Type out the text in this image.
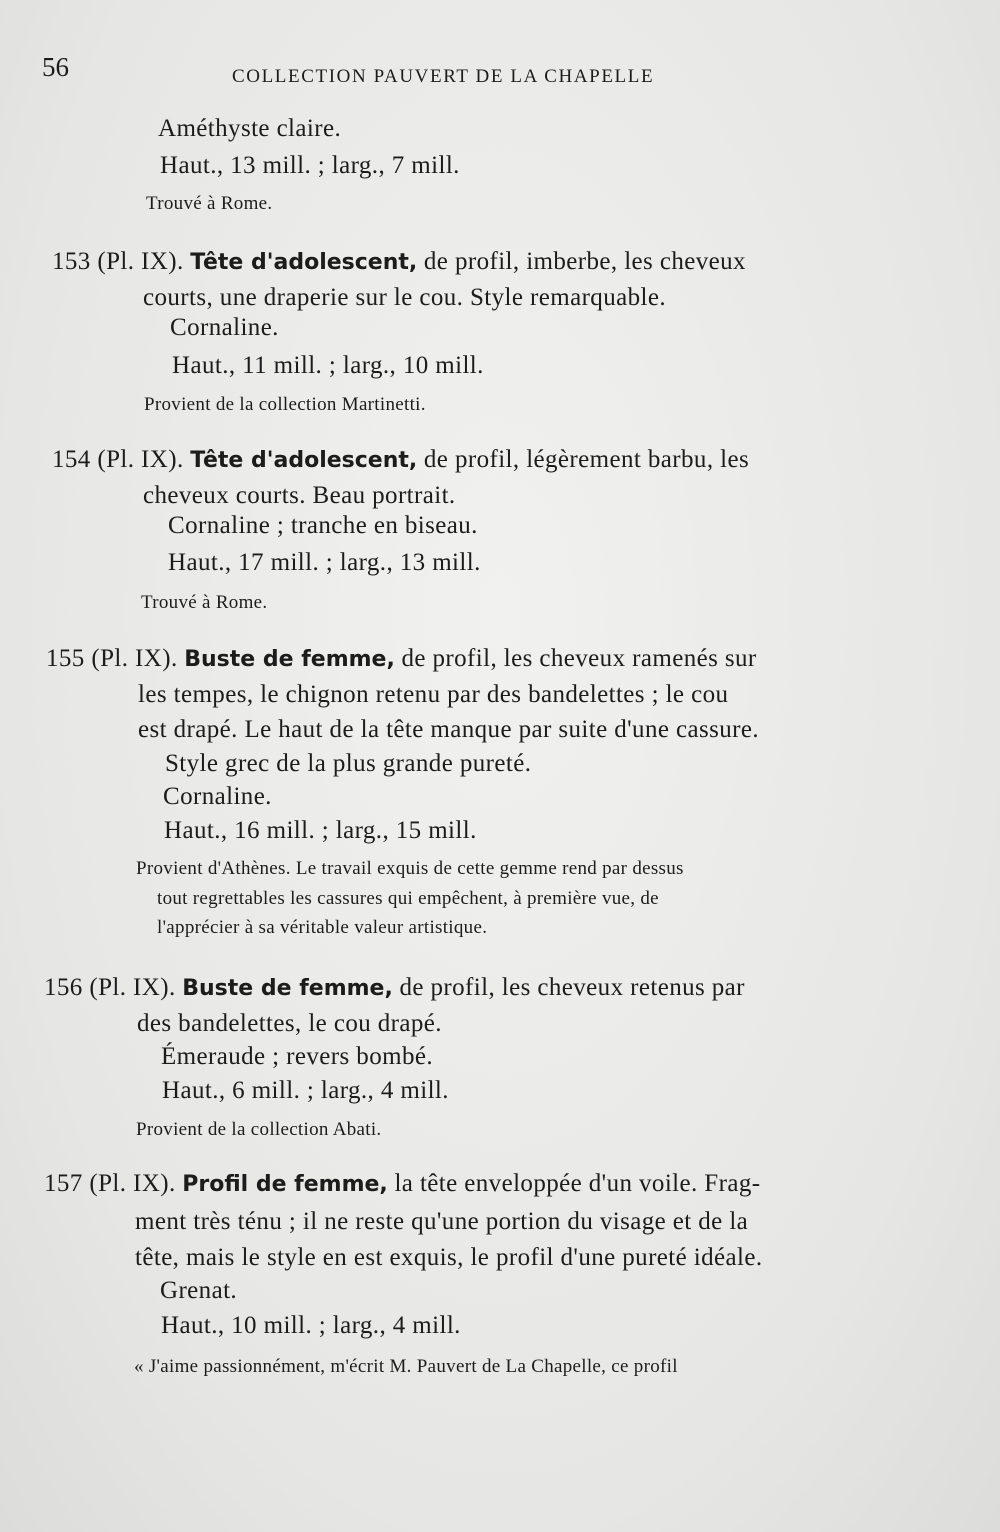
56	COLLECTION PAUVERT DE LA CHAPELLE
Améthyste claire.
Haut., 13 mill. ; larg., 7 mill.
Trouvé à Rome.
153 (Pl. IX). Tête d'adolescent, de profil, imberbe, les cheveux
courts, une draperie sur le cou. Style remarquable.
Cornaline.
Haut., 11 mill. ; larg., 10 mill.
Provient de la collection Martinetti.
154 (Pl. IX). Tête d'adolescent, de profil, légèrement barbu, les
cheveux courts. Beau portrait.
Cornaline ; tranche en biseau.
Haut., 17 mill. ; larg., 13 mill.
Trouvé à Rome.
155 (Pl. IX). Buste de femme, de profil, les cheveux ramenés sur
les tempes, le chignon retenu par des bandelettes ; le cou
est drapé. Le haut de la tête manque par suite d'une cassure.
Style grec de la plus grande pureté.
Cornaline.
Haut., 16 mill. ; larg., 15 mill.
Provient d'Athènes. Le travail exquis de cette gemme rend par dessus
tout regrettables les cassures qui empêchent, à première vue, de
l'apprécier à sa véritable valeur artistique.
156 (Pl. IX). Buste de femme, de profil, les cheveux retenus par
des bandelettes, le cou drapé.
Émeraude ; revers bombé.
Haut., 6 mill. ; larg., 4 mill.
Provient de la collection Abati.
157 (Pl. IX). Profil de femme, la tête enveloppée d'un voile. Frag-
ment très ténu ; il ne reste qu'une portion du visage et de la
tête, mais le style en est exquis, le profil d'une pureté idéale.
Grenat.
Haut., 10 mill. ; larg., 4 mill.
« J'aime passionnément, m'écrit M. Pauvert de La Chapelle, ce profil
